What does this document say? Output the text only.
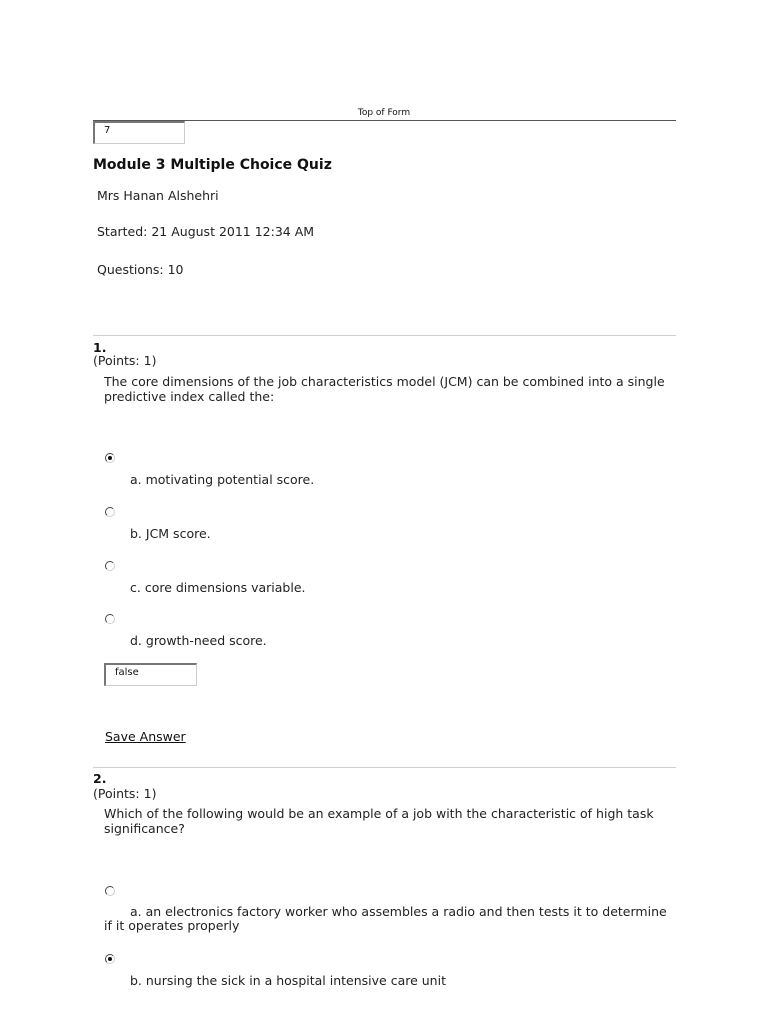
Top of Form
7
Module 3 Multiple Choice Quiz
Mrs Hanan Alshehri
Started: 21 August 2011 12:34 AM
Questions: 10
1.
(Points: 1)
The core dimensions of the job characteristics model (JCM) can be combined into a single predictive index called the:
a. motivating potential score.
b. JCM score.
c. core dimensions variable.
d. growth-need score.
false
Save Answer
2.
(Points: 1)
Which of the following would be an example of a job with the characteristic of high task significance?
a. an electronics factory worker who assembles a radio and then tests it to determine if it operates properly
b. nursing the sick in a hospital intensive care unit
